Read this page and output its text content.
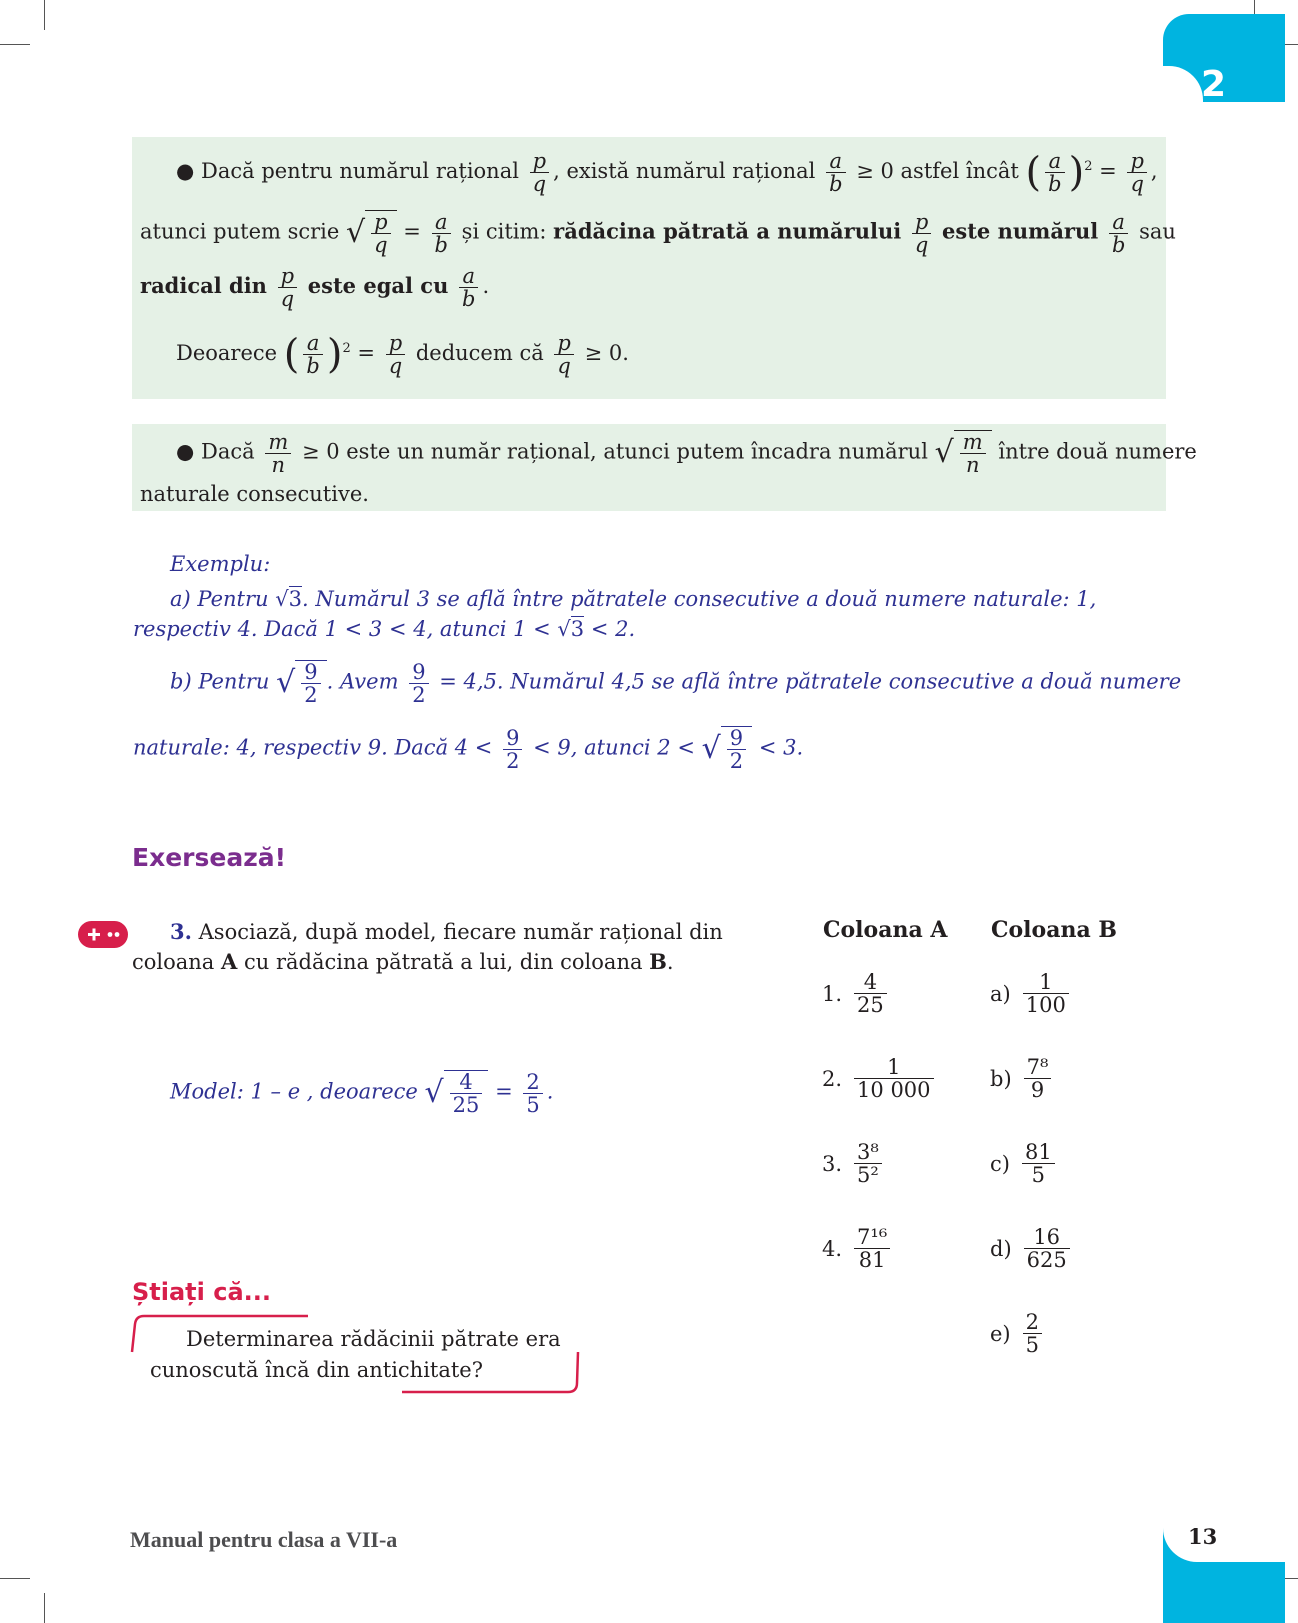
2
● Dacă pentru numărul rațional $\frac{p}{q}$ , există numărul rațional $\frac{a}{b} \ge 0$ astfel încât ( $\frac{a}{b} )^2 = \frac{p}{q}$ ,
atunci putem scrie √ $\frac{p}{q} = \frac{a}{b}$ și citim: rădăcina pătrată a numărului $\frac{p}{q}$ este numărul $\frac{a}{b}$ sau
radical din $\frac{p}{q}$ este egal cu $\frac{a}{b}$ .
Deoarece ( $\frac{a}{b} )^2 = \frac{p}{q}$ deducem că $\frac{p}{q} \ge 0$.
● Dacă $\frac{m}{n} \ge 0$ este un număr rațional, atunci putem încadra numărul √ $\frac{m}{n}$ între două numere
naturale consecutive.
Exemplu:
a) Pentru √3. Numărul 3 se află între pătratele consecutive a două numere naturale: 1,
respectiv 4. Dacă 1 < 3 < 4, atunci 1 < √3 < 2.
b) Pentru √ $\frac{9}{2}$ . Avem $\frac{9}{2} = 4,5$. Numărul 4,5 se află între pătratele consecutive a două numere
naturale: 4, respectiv 9. Dacă $4 < \frac{9}{2} < 9$, atunci 2 < √ $\frac{9}{2} < 3$.
Exersează!
3. Asociază, după model, fiecare număr rațional din
coloana A cu rădăcina pătrată a lui, din coloana B.
Model: 1 – e , deoarece √ $\frac{4}{25} = \frac{2}{5}$ .
Coloana A Coloana B
1. $\frac{4}{25}$
2. $\frac{1}{10 000}$
3. $\frac{\text{3⁸}}{\text{5²}}$
4. $\frac{\text{7¹⁶}}{81}$
$a) \frac{1}{100}$
$b) \frac{\text{7⁸}}{9}$
$c) \frac{81}{5}$
$d) \frac{16}{625}$
$e) \frac{2}{5}$
Știați că...
Determinarea rădăcinii pătrate era
cunoscută încă din antichitate?
Manual pentru clasa a VII-a	13
